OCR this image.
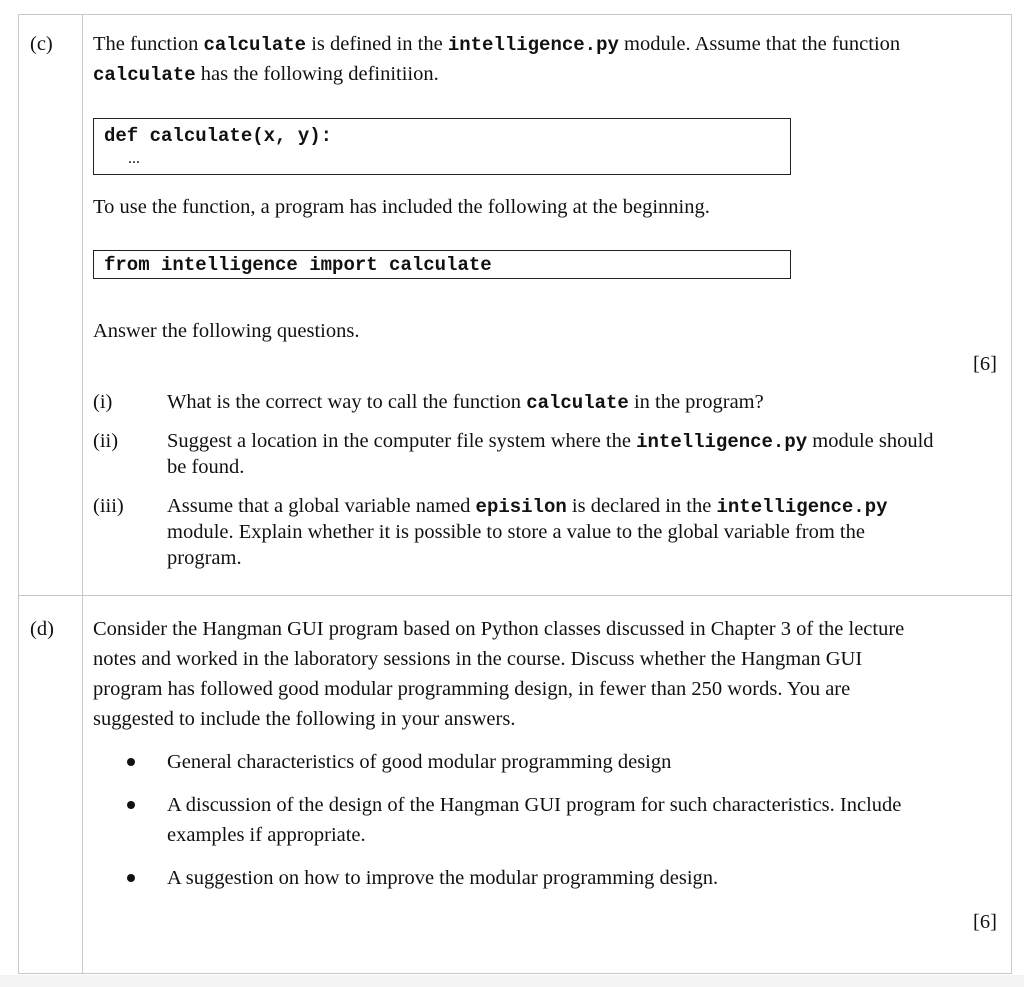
(c) The function calculate is defined in the intelligence.py module. Assume that the function
calculate has the following definitiion.
def calculate(x, y):
...
To use the function, a program has included the following at the beginning.
from intelligence import calculate
Answer the following questions.
[6]
(i)	What is the correct way to call the function calculate in the program?
(ii) Suggest a location in the computer file system where the intelligence.py module should
be found.
(iii) Assume that a global variable named episilon is declared in the intelligence.py
module. Explain whether it is possible to store a value to the global variable from the
program.
(d) Consider the Hangman GUI program based on Python classes discussed in Chapter 3 of the lecture
notes and worked in the laboratory sessions in the course. Discuss whether the Hangman GUI
program has followed good modular programming design, in fewer than 250 words. You are
suggested to include the following in your answers.
General characteristics of good modular programming design
A discussion of the design of the Hangman GUI program for such characteristics. Include
examples if appropriate.
A suggestion on how to improve the modular programming design.
[6]
